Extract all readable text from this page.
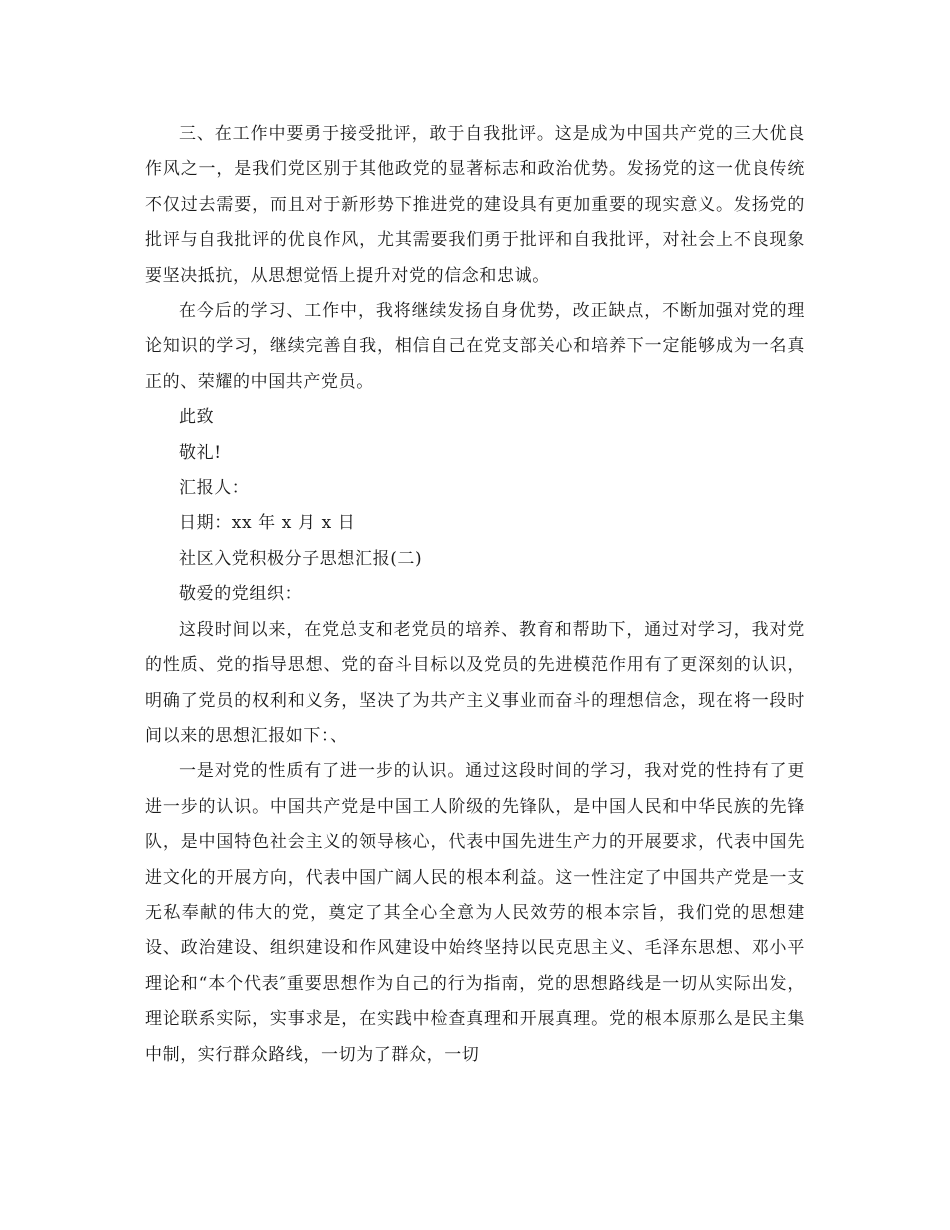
三、在工作中要勇于接受批评，敢于自我批评。这是成为中国共产党的三大优良作风之一，是我们党区别于其他政党的显著标志和政治优势。发扬党的这一优良传统不仅过去需要，而且对于新形势下推进党的建设具有更加重要的现实意义。发扬党的批评与自我批评的优良作风，尤其需要我们勇于批评和自我批评，对社会上不良现象要坚决抵抗，从思想觉悟上提升对党的信念和忠诚。

在今后的学习、工作中，我将继续发扬自身优势，改正缺点，不断加强对党的理论知识的学习，继续完善自我，相信自己在党支部关心和培养下一定能够成为一名真正的、荣耀的中国共产党员。

此致

敬礼!

汇报人：

日期：xx 年 x 月 x 日

社区入党积极分子思想汇报(二)

敬爱的党组织：

这段时间以来，在党总支和老党员的培养、教育和帮助下，通过对学习，我对党的性质、党的指导思想、党的奋斗目标以及党员的先进模范作用有了更深刻的认识，明确了党员的权利和义务，坚决了为共产主义事业而奋斗的理想信念，现在将一段时间以来的思想汇报如下：、

一是对党的性质有了进一步的认识。通过这段时间的学习，我对党的性持有了更进一步的认识。中国共产党是中国工人阶级的先锋队，是中国人民和中华民族的先锋队，是中国特色社会主义的领导核心，代表中国先进生产力的开展要求，代表中国先进文化的开展方向，代表中国广阔人民的根本利益。这一性注定了中国共产党是一支无私奉献的伟大的党，奠定了其全心全意为人民效劳的根本宗旨，我们党的思想建设、政治建设、组织建设和作风建设中始终坚持以民克思主义、毛泽东思想、邓小平理论和“本个代表″重要思想作为自己的行为指南，党的思想路线是一切从实际出发，理论联系实际，实事求是，在实践中检查真理和开展真理。党的根本原那么是民主集中制，实行群众路线，一切为了群众，一切
